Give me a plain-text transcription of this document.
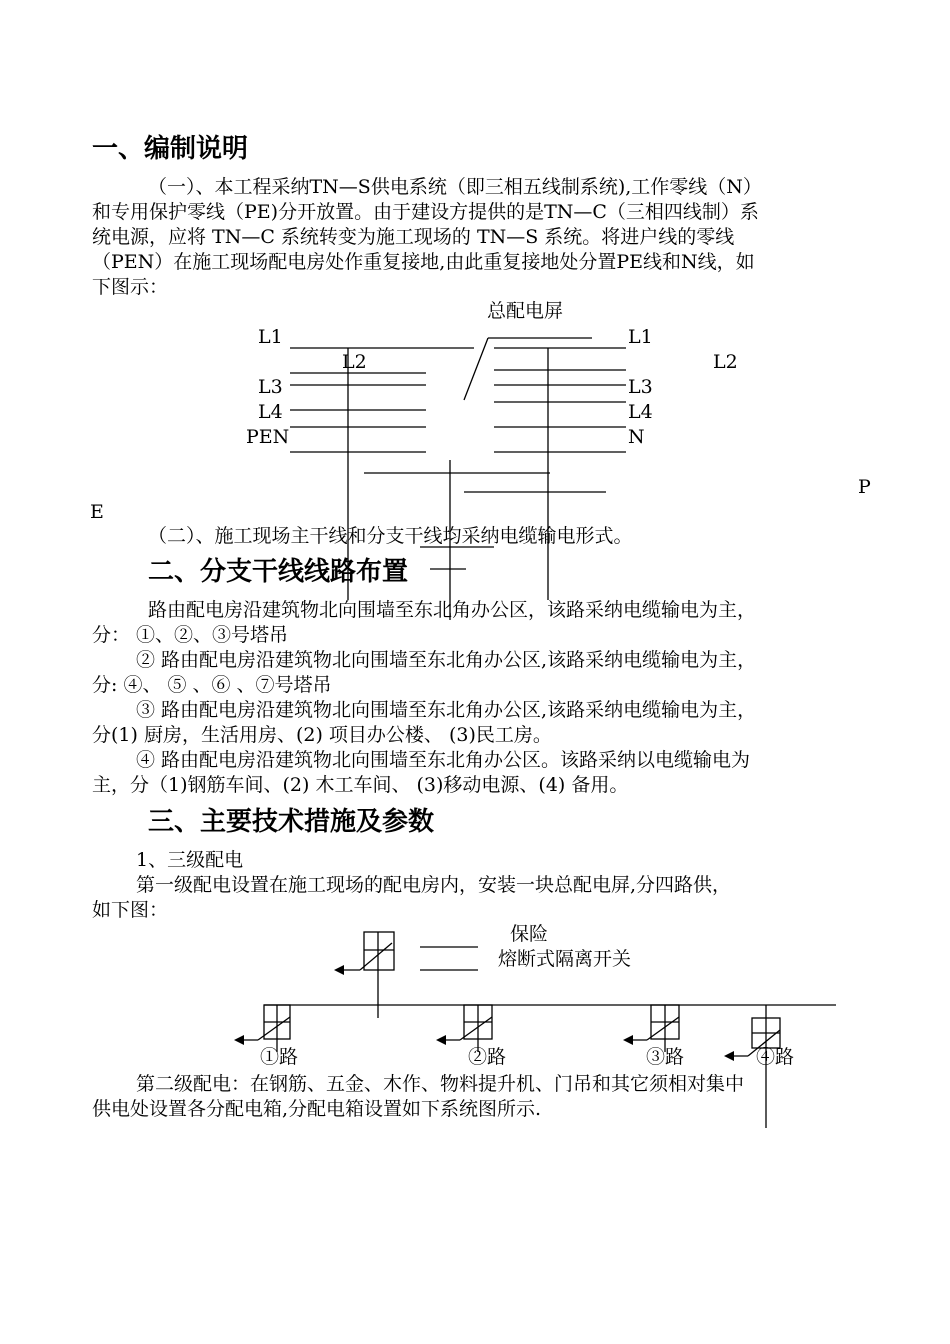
一、编制说明
（一）、本工程采纳TN—S供电系统（即三相五线制系统),工作零线（N）
和专用保护零线（PE)分开放置。由于建设方提供的是TN—C（三相四线制）系
统电源，应将 TN—C 系统转变为施工现场的 TN—S 系统。将进户线的零线
（PEN）在施工现场配电房处作重复接地,由此重复接地处分置PE线和N线，如
下图示：
总配电屏
L1
L2
L3
L4
PEN
L1
L2
L3
L4
N
P
E
（二）、施工现场主干线和分支干线均采纳电缆输电形式。
二、分支干线线路布置
路由配电房沿建筑物北向围墙至东北角办公区，该路采纳电缆输电为主，
分： ①、②、③号塔吊
② 路由配电房沿建筑物北向围墙至东北角办公区,该路采纳电缆输电为主，
分: ④、 ⑤ 、⑥ 、⑦号塔吊
③ 路由配电房沿建筑物北向围墙至东北角办公区,该路采纳电缆输电为主，
分(1) 厨房，生活用房、(2) 项目办公楼、 (3)民工房。
④ 路由配电房沿建筑物北向围墙至东北角办公区。该路采纳以电缆输电为
主，分（1)钢筋车间、(2) 木工车间、 (3)移动电源、(4) 备用。
三、主要技术措施及参数
1、三级配电
第一级配电设置在施工现场的配电房内，安装一块总配电屏,分四路供，
如下图：
保险
熔断式隔离开关
①路	②路	③路	④路
第二级配电：在钢筋、五金、木作、物料提升机、门吊和其它须相对集中
供电处设置各分配电箱,分配电箱设置如下系统图所示.
